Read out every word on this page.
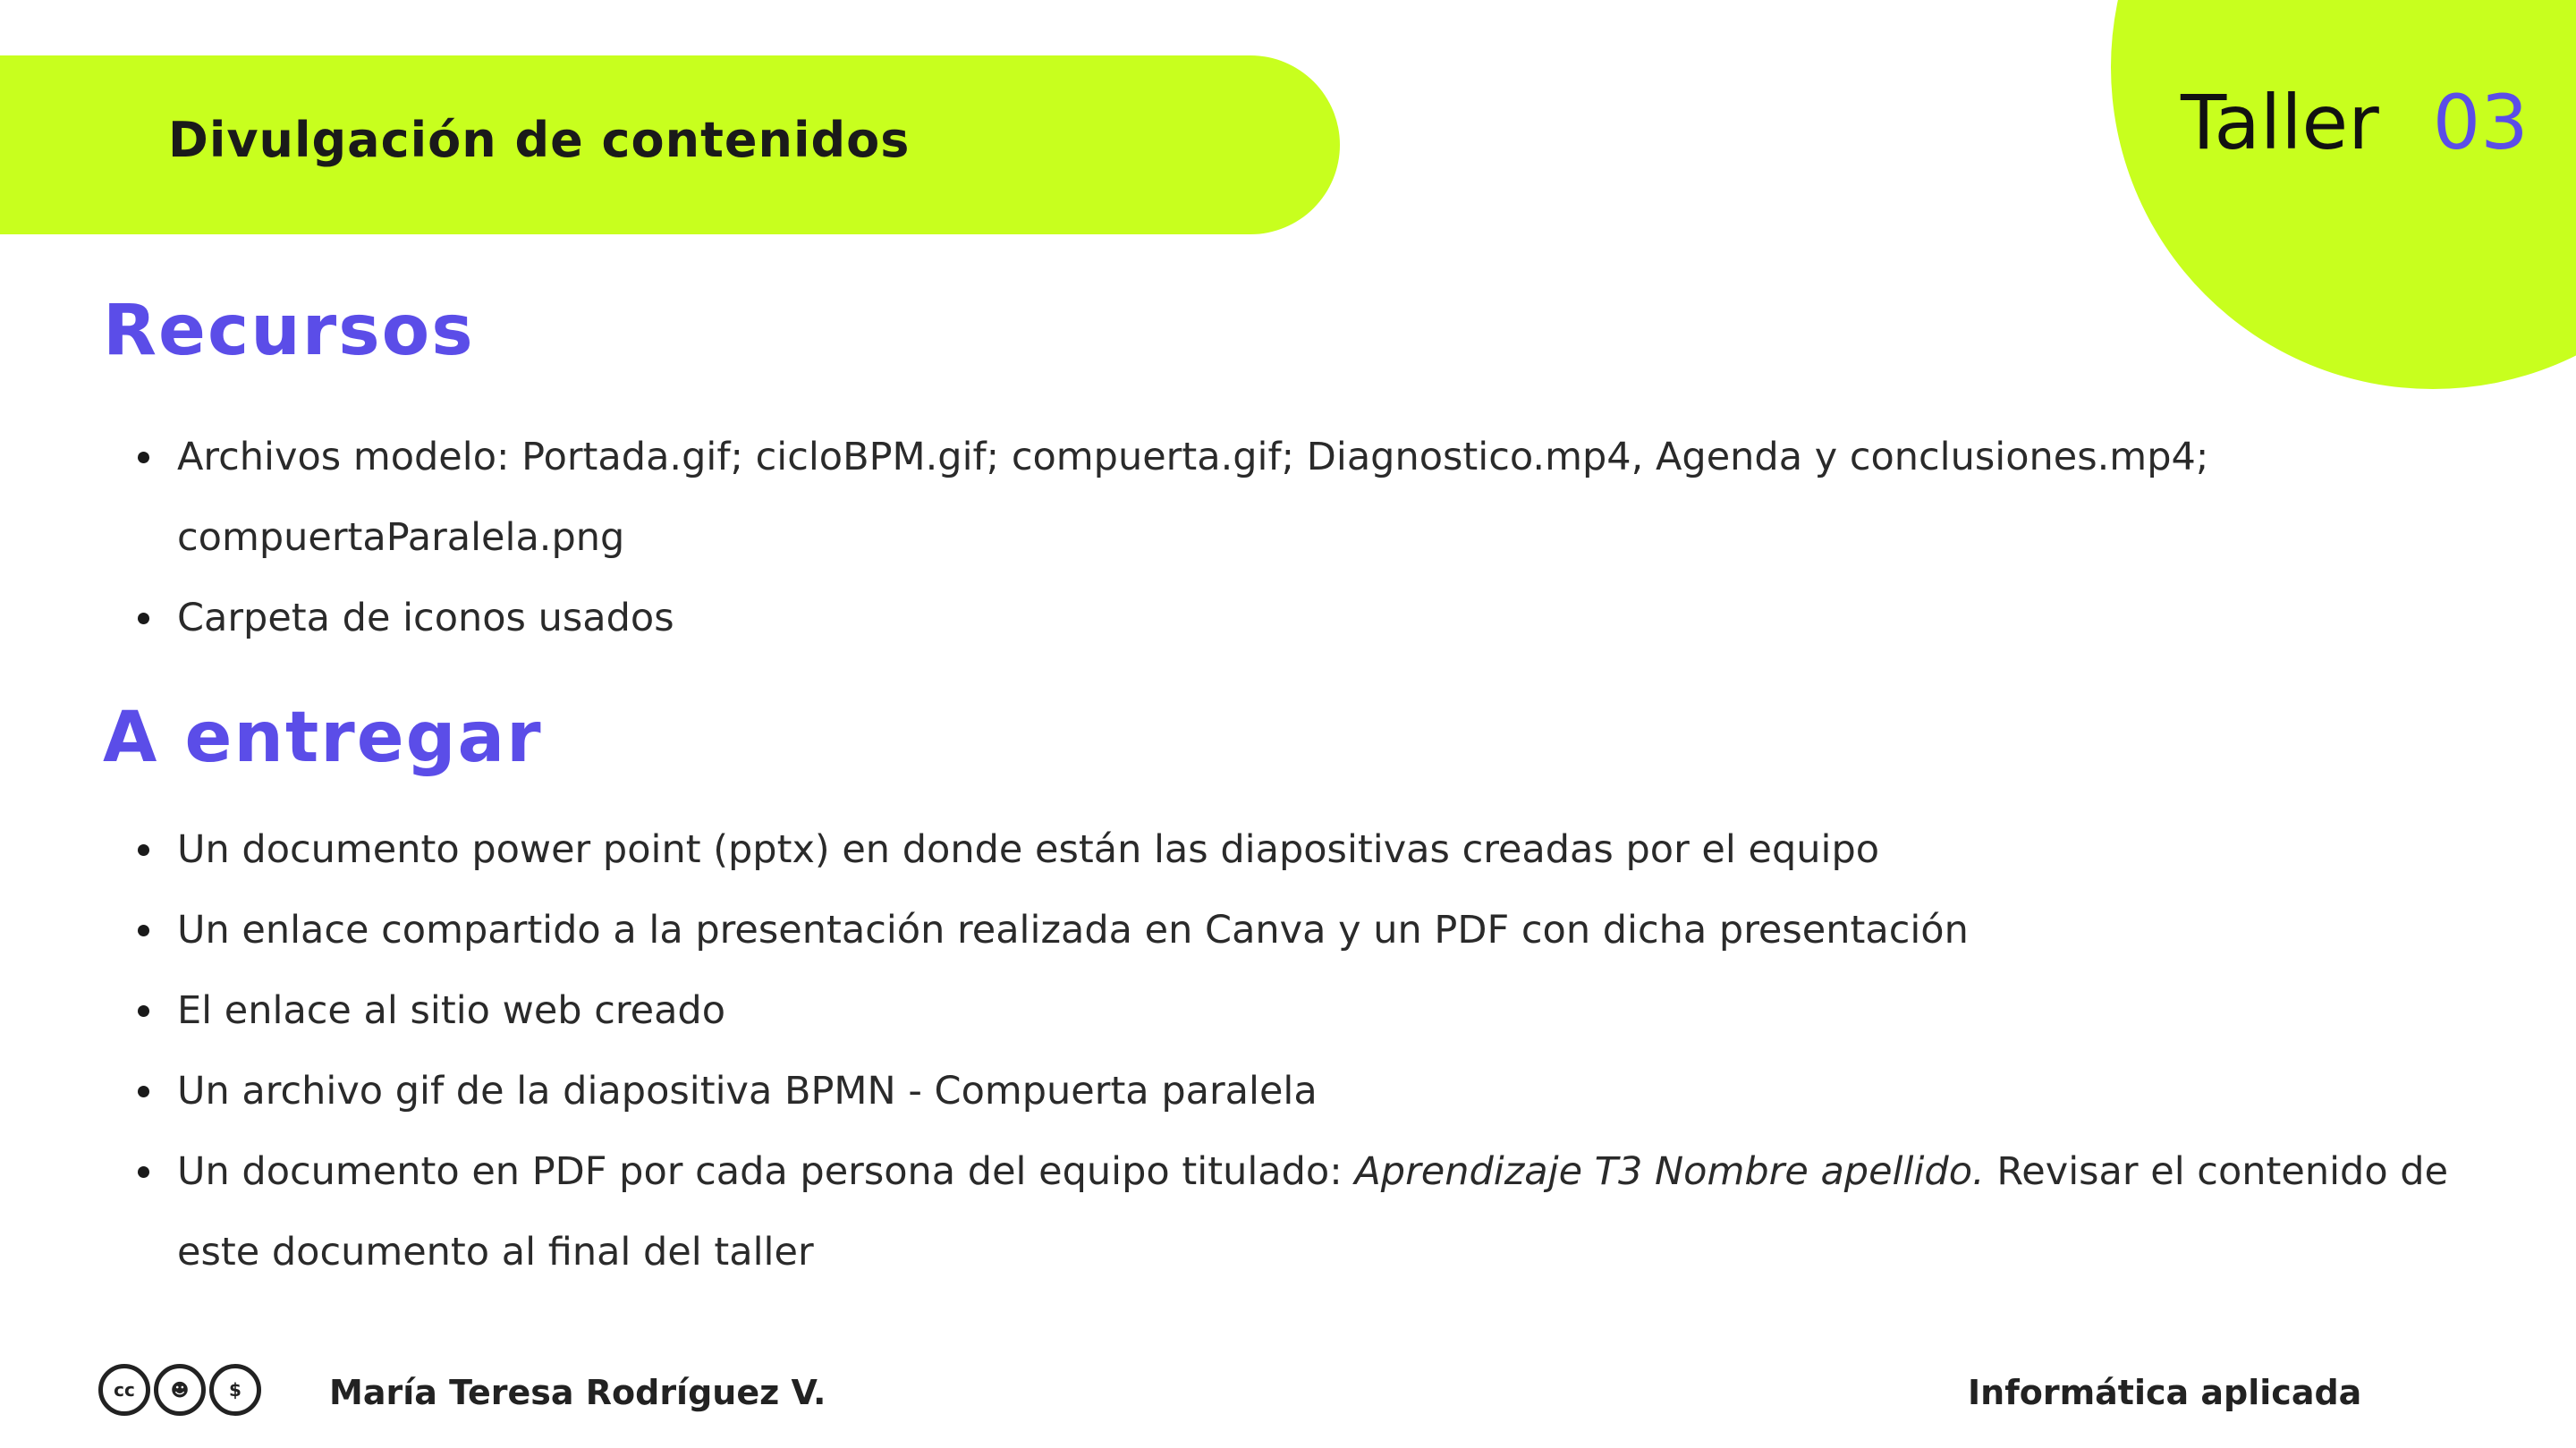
Divulgación de contenidos	Taller 03
Recursos
Archivos modelo: Portada.gif; cicloBPM.gif; compuerta.gif; Diagnostico.mp4, Agenda y conclusiones.mp4; compuertaParalela.png
Carpeta de iconos usados
A entregar
Un documento power point (pptx) en donde están las diapositivas creadas por el equipo
Un enlace compartido a la presentación realizada en Canva y un PDF con dicha presentación
El enlace al sitio web creado
Un archivo gif de la diapositiva BPMN - Compuerta paralela
Un documento en PDF por cada persona del equipo titulado: Aprendizaje T3 Nombre apellido. Revisar el contenido de este documento al final del taller
cc	☻	$	María Teresa Rodríguez V.	Informática aplicada
